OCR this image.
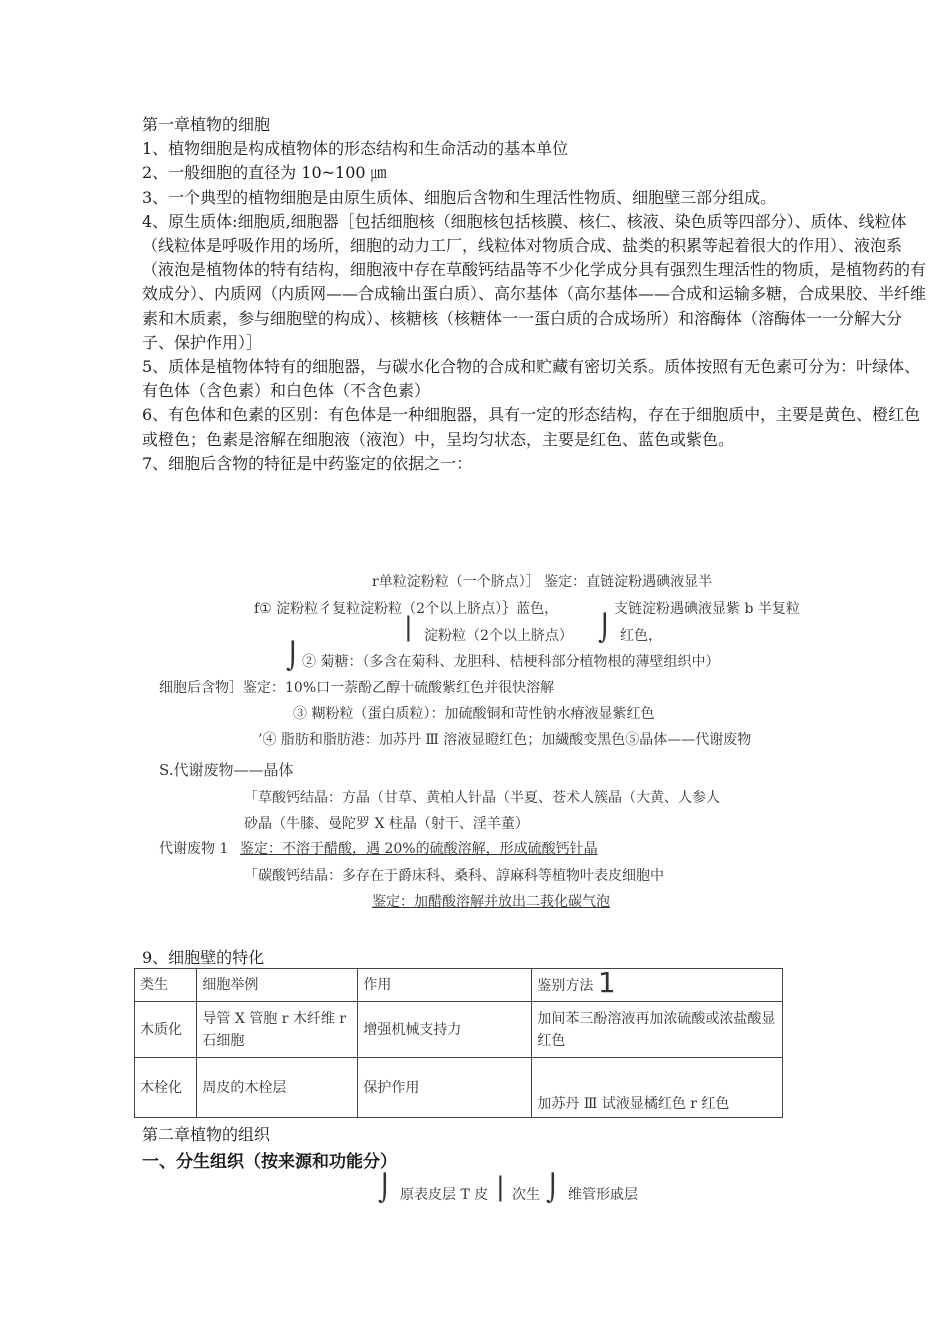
第一章植物的细胞

1、植物细胞是构成植物体的形态结构和生命活动的基本单位

2、一般细胞的直径为 10~100 ㎛

3、一个典型的植物细胞是由原生质体、细胞后含物和生理活性物质、细胞壁三部分组成。

4、原生质体:细胞质,细胞器［包括细胞核（细胞核包括核膜、核仁、核液、染色质等四部分）、质体、线粒体（线粒体是呼吸作用的场所，细胞的动力工厂，线粒体对物质合成、盐类的积累等起着很大的作用）、液泡系（液泡是植物体的特有结构，细胞液中存在草酸钙结晶等不少化学成分具有强烈生理活性的物质，是植物药的有效成分）、内质网（内质网——合成输出蛋白质）、高尔基体（高尔基体——合成和运输多糖，合成果胶、半纤维素和木质素，参与细胞壁的构成）、核糖核（核糖体一一蛋白质的合成场所）和溶酶体（溶酶体一一分解大分子、保护作用）］

5、质体是植物体特有的细胞器，与碳水化合物的合成和贮藏有密切关系。质体按照有无色素可分为：叶绿体、有色体（含色素）和白色体（不含色素）

6、有色体和色素的区别：有色体是一种细胞器，具有一定的形态结构，存在于细胞质中，主要是黄色、橙红色或橙色；色素是溶解在细胞液（液泡）中，呈均匀状态，主要是红色、蓝色或紫色。

7、细胞后含物的特征是中药鉴定的依据之一：

r单粒淀粉粒（一个脐点）］ 鉴定：直链淀粉遇碘液显半
f① 淀粉粒彳复粒淀粉粒（2个以上脐点）｝蓝色，	支链淀粉遇碘液显紫 b 半复粒
| 淀粉粒（2个以上脐点） ⌡ 红色，
⌡ ② 菊糖：（多含在菊科、龙胆科、桔梗科部分植物根的薄壁组织中）
细胞后含物］鉴定：10%口一萘酚乙醇十硫酸紫红色并很快溶解
③ 糊粉粒（蛋白质粒）：加硫酸铜和苛性钠水瘠液显紫红色
’④ 脂肪和脂肪港：加苏丹 Ⅲ 溶液显瞪红色；加繊酸变黑色⑤晶体——代谢废物
S.代谢废物——晶体
「草酸钙结晶：方晶（甘草、黄柏人针晶（半夏、苍术人簇晶（大黄、人参人
砂晶（牛膝、曼陀罗 X 柱晶（射干、淫羊董）
代谢废物 1 鉴定：不溶于醋酸，遇 20%的硫酸溶解，形成硫酸钙针晶
「碳酸钙结晶：多存在于爵床科、桑科、諄麻科等植物叶表皮细胞中
鉴定：加醋酸溶解并放出二莪化碳气泡
9、细胞壁的特化
类生	细胞举例	作用	鉴别方法 1
木质化	导管 X 管胞 r 木纤维 r 石细胞	增强机械支持力	加间苯三酚溶液再加浓硫酸或浓盐酸显红色
木栓化	周皮的木栓层	保护作用	加苏丹 Ⅲ 试液显橘红色 r 红色
第二章植物的组织
一、分生组织（按来源和功能分）
⌡ 原表皮层 T 皮 | 次生 ⌡ 维管形戚层
